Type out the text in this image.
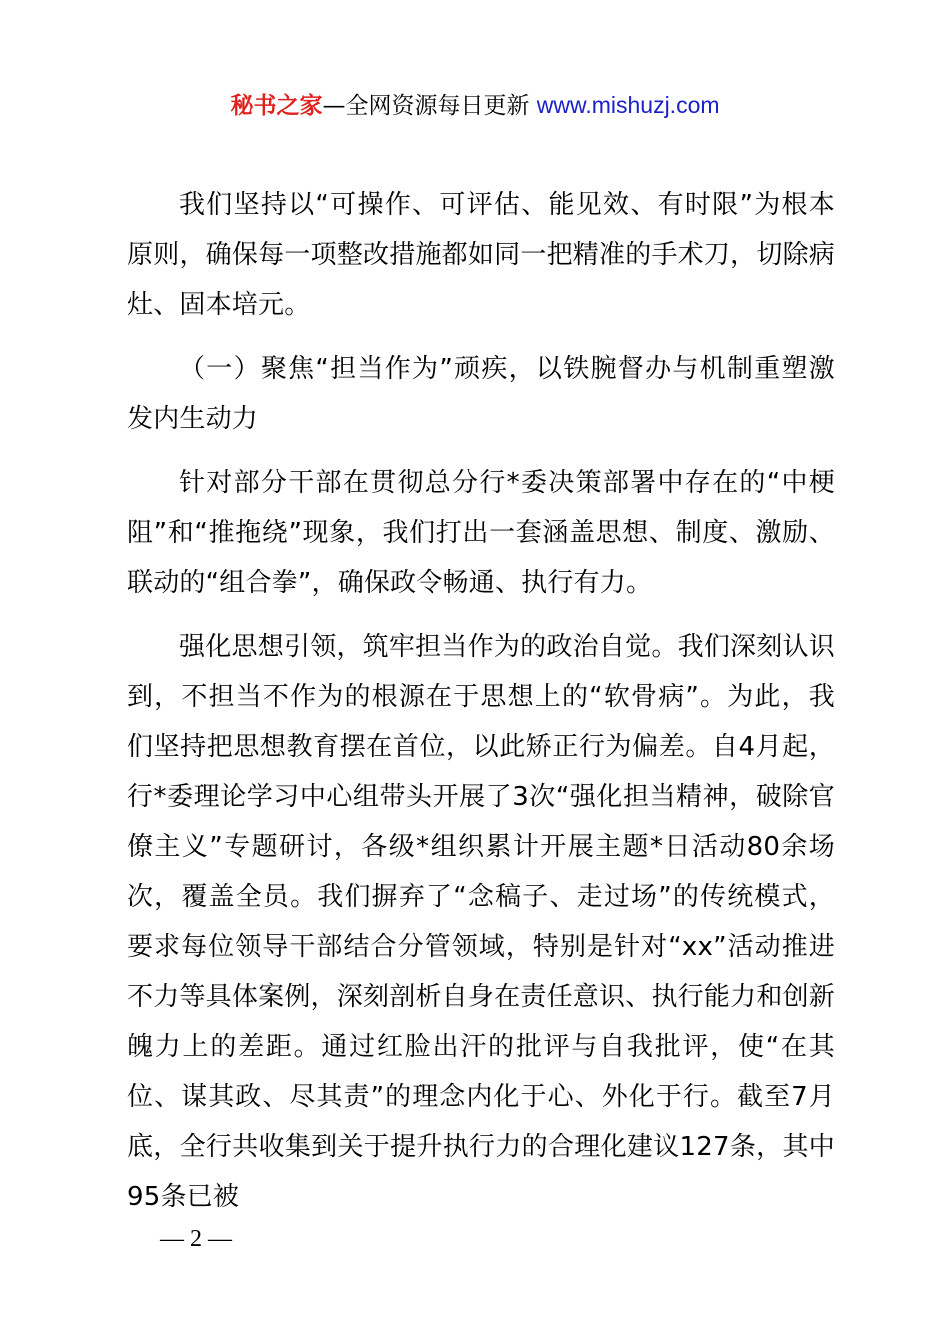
秘书之家—全网资源每日更新 www.mishuzj.com

我们坚持以“可操作、可评估、能见效、有时限”为根本原则，确保每一项整改措施都如同一把精准的手术刀，切除病灶、固本培元。

（一）聚焦“担当作为”顽疾，以铁腕督办与机制重塑激发内生动力

针对部分干部在贯彻总分行*委决策部署中存在的“中梗阻”和“推拖绕”现象，我们打出一套涵盖思想、制度、激励、联动的“组合拳”，确保政令畅通、执行有力。

强化思想引领，筑牢担当作为的政治自觉。我们深刻认识到，不担当不作为的根源在于思想上的“软骨病”。为此，我们坚持把思想教育摆在首位，以此矫正行为偏差。自4月起，行*委理论学习中心组带头开展了3次“强化担当精神，破除官僚主义”专题研讨，各级*组织累计开展主题*日活动80余场次，覆盖全员。我们摒弃了“念稿子、走过场”的传统模式，要求每位领导干部结合分管领域，特别是针对“xx”活动推进不力等具体案例，深刻剖析自身在责任意识、执行能力和创新魄力上的差距。通过红脸出汗的批评与自我批评，使“在其位、谋其政、尽其责”的理念内化于心、外化于行。截至7月底，全行共收集到关于提升执行力的合理化建议127条，其中95条已被

— 2 —
